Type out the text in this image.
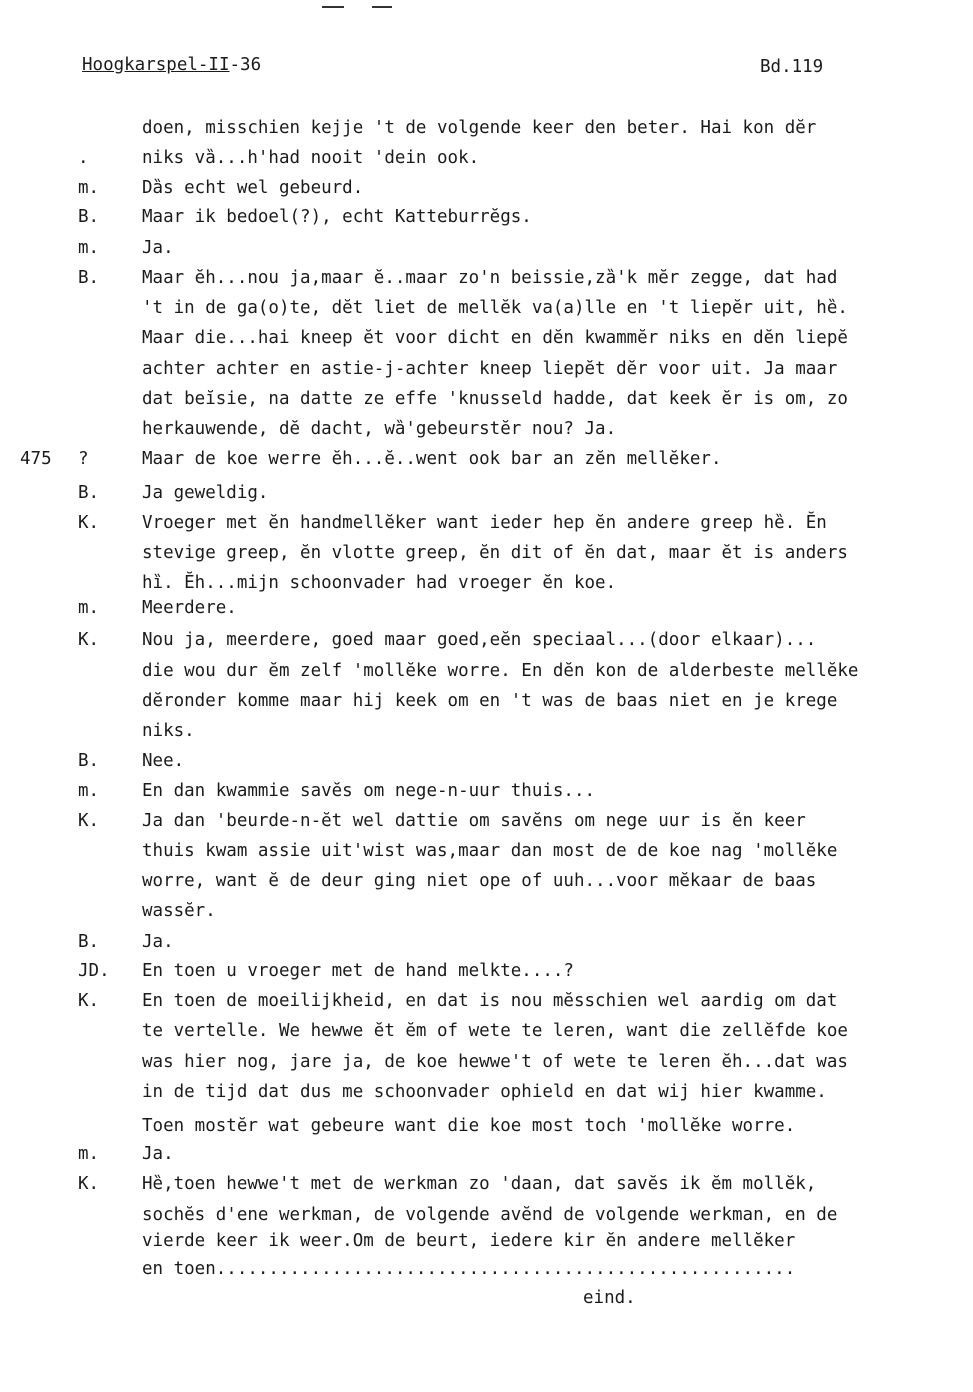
Hoogkarspel-II-36	Bd.119
doen, misschien kejje 't de volgende keer den beter. Hai kon dĕr
.	niks vȁ...h'had nooit 'dein ook.
m. Dȁs echt wel gebeurd.
B. Maar ik bedoel(?), echt Katteburrĕgs.
m. Ja.
B. Maar ĕh...nou ja,maar ĕ..maar zo'n beissie,zȁ'k mĕr zegge, dat had
't in de ga(o)te, dĕt liet de mellĕk va(a)lle en 't liepĕr uit, hȅ.
Maar die...hai kneep ĕt voor dicht en dĕn kwammĕr niks en dĕn liepĕ
achter achter en astie-j-achter kneep liepĕt dĕr voor uit. Ja maar
dat beĭsie, na datte ze effe 'knusseld hadde, dat keek ĕr is om, zo
herkauwende, dĕ dacht, wȁ'gebeurstĕr nou? Ja.
475 ?	Maar de koe werre ĕh...ĕ..went ook bar an zĕn mellĕker.
B. Ja geweldig.
K. Vroeger met ĕn handmellĕker want ieder hep ĕn andere greep hȅ. Ĕn
stevige greep, ĕn vlotte greep, ĕn dit of ĕn dat, maar ĕt is anders
hȉ. Ĕh...mijn schoonvader had vroeger ĕn koe.
m. Meerdere.
K. Nou ja, meerdere, goed maar goed,eĕn speciaal...(door elkaar)...
die wou dur ĕm zelf 'mollĕke worre. En dĕn kon de alderbeste mellĕke
dĕronder komme maar hij keek om en 't was de baas niet en je krege
niks.
B. Nee.
m. En dan kwammie savĕs om nege-n-uur thuis...
K. Ja dan 'beurde-n-ĕt wel dattie om savĕns om nege uur is ĕn keer
thuis kwam assie uit'wist was,maar dan most de de koe nag 'mollĕke
worre, want ĕ de deur ging niet ope of uuh...voor mĕkaar de baas
wassĕr.
B. Ja.
JD. En toen u vroeger met de hand melkte....?
K. En toen de moeilijkheid, en dat is nou mĕsschien wel aardig om dat
te vertelle. We hewwe ĕt ĕm of wete te leren, want die zellĕfde koe
was hier nog, jare ja, de koe hewwe't of wete te leren ĕh...dat was
in de tijd dat dus me schoonvader ophield en dat wij hier kwamme.
Toen mostĕr wat gebeure want die koe most toch 'mollĕke worre.
m. Ja.
K. Hȅ,toen hewwe't met de werkman zo 'daan, dat savĕs ik ĕm mollĕk,
sochĕs d'ene werkman, de volgende avĕnd de volgende werkman, en de
vierde keer ik weer.Om de beurt, iedere kir ĕn andere mellĕker
en toen.......................................................
eind.
